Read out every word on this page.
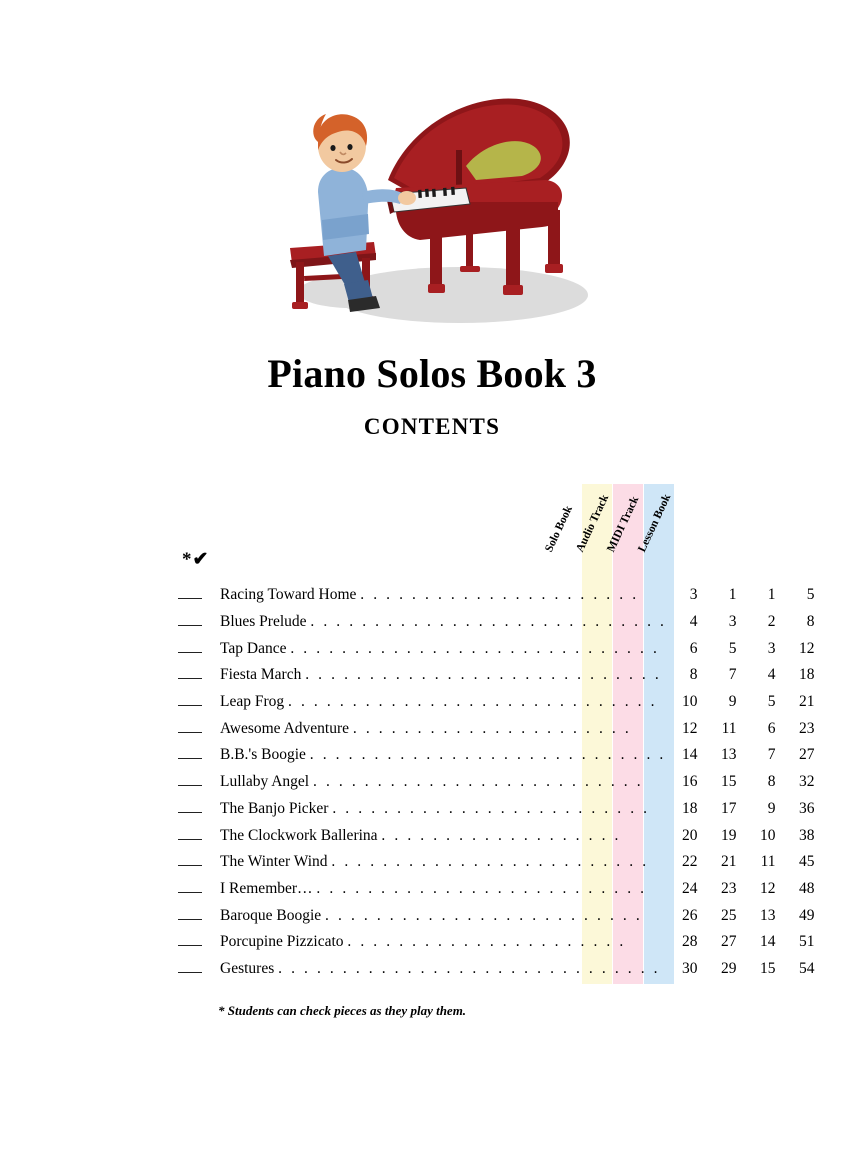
Piano Solos Book 3
CONTENTS
Solo Book Audio Track
MIDI Track
Lesson Book
*✔
	Racing Toward Home . . . . . . . . . . . . . . . . . . . . . .	3	1	1	5
	Blues Prelude . . . . . . . . . . . . . . . . . . . . . . . . . . . .	4	3	2	8
	Tap Dance . . . . . . . . . . . . . . . . . . . . . . . . . . . . .	6	5	3	12
	Fiesta March . . . . . . . . . . . . . . . . . . . . . . . . . . . .	8	7	4	18
	Leap Frog . . . . . . . . . . . . . . . . . . . . . . . . . . . . .	10	9	5	21
	Awesome Adventure . . . . . . . . . . . . . . . . . . . . . .	12	11	6	23
	B.B.'s Boogie . . . . . . . . . . . . . . . . . . . . . . . . . . . .	14	13	7	27
	Lullaby Angel . . . . . . . . . . . . . . . . . . . . . . . . . .	16	15	8	32
	The Banjo Picker . . . . . . . . . . . . . . . . . . . . . . . . .	18	17	9	36
	The Clockwork Ballerina . . . . . . . . . . . . . . . . . . .	20	19	10	38
	The Winter Wind . . . . . . . . . . . . . . . . . . . . . . . . .	22	21	11	45
	I Remember… . . . . . . . . . . . . . . . . . . . . . . . . . .	24	23	12	48
	Baroque Boogie . . . . . . . . . . . . . . . . . . . . . . . . .	26	25	13	49
	Porcupine Pizzicato . . . . . . . . . . . . . . . . . . . . . .	28	27	14	51
	Gestures . . . . . . . . . . . . . . . . . . . . . . . . . . . . . .	30	29	15	54
* Students can check pieces as they play them.
